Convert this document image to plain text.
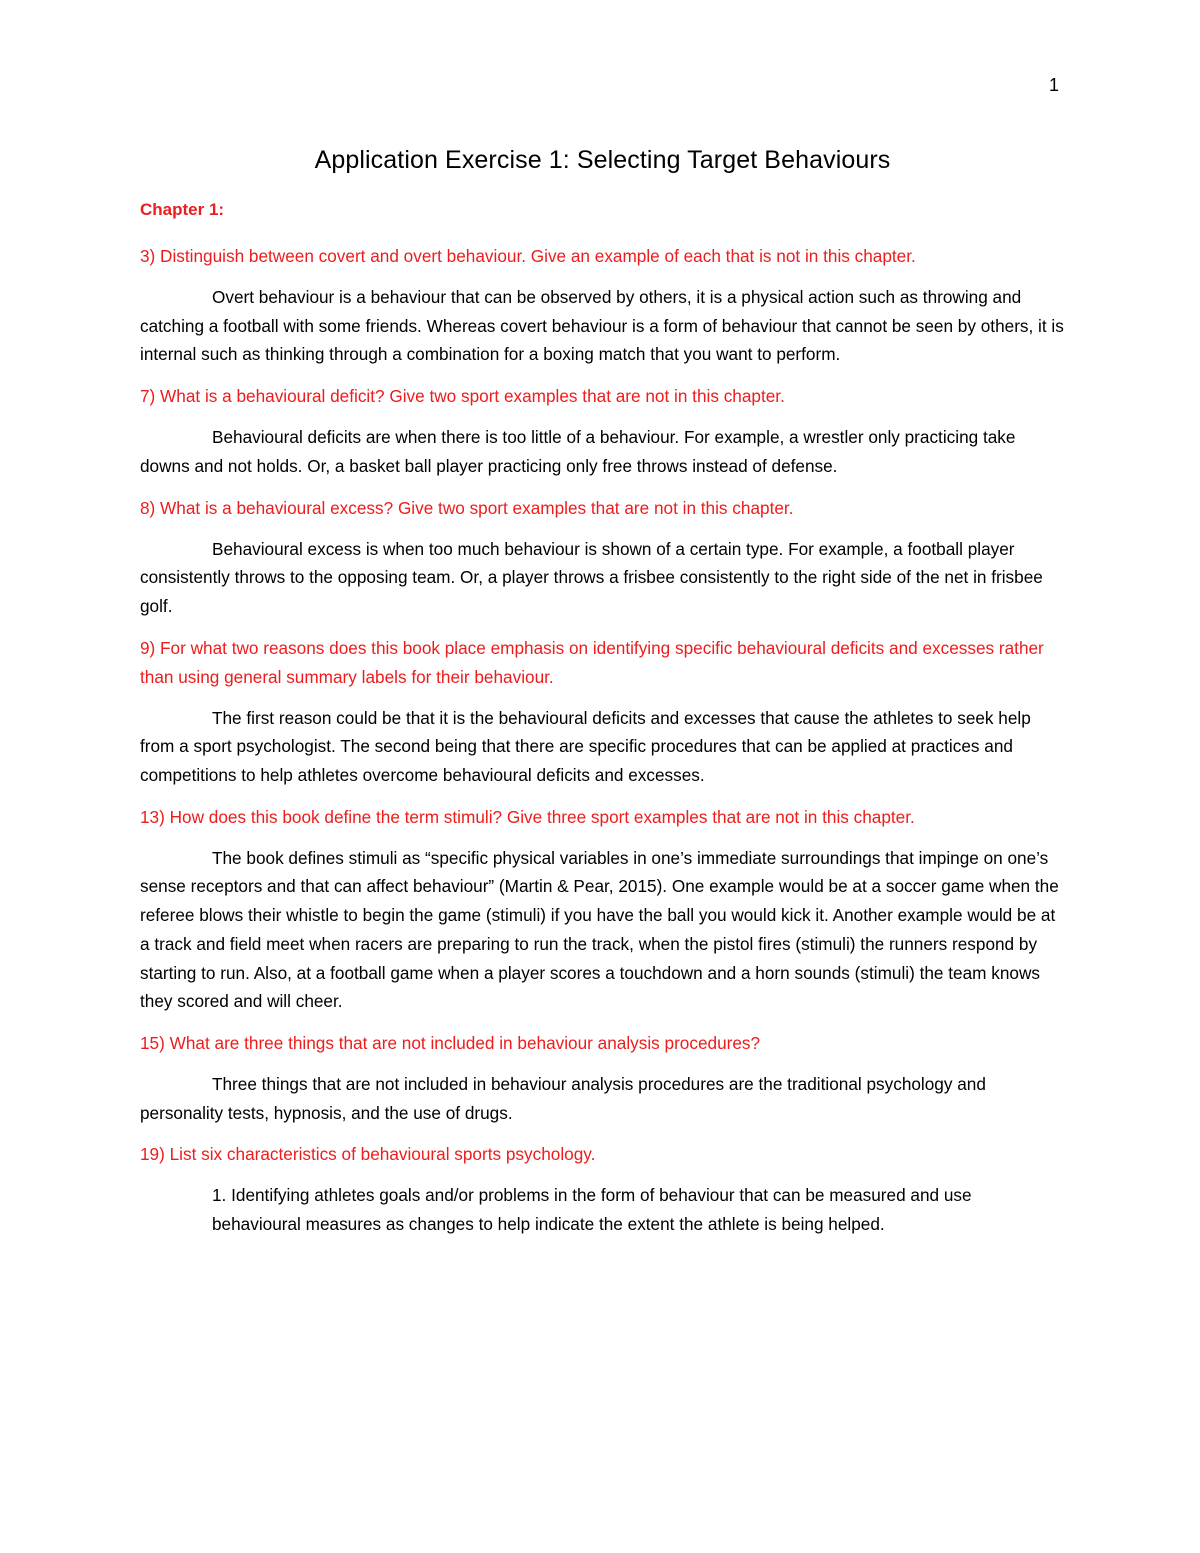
1
Application Exercise 1: Selecting Target Behaviours
Chapter 1:

3) Distinguish between covert and overt behaviour. Give an example of each that is not in this chapter.

Overt behaviour is a behaviour that can be observed by others, it is a physical action such as throwing and catching a football with some friends. Whereas covert behaviour is a form of behaviour that cannot be seen by others, it is internal such as thinking through a combination for a boxing match that you want to perform.

7) What is a behavioural deficit? Give two sport examples that are not in this chapter.

Behavioural deficits are when there is too little of a behaviour. For example, a wrestler only practicing take downs and not holds. Or, a basket ball player practicing only free throws instead of defense.

8) What is a behavioural excess? Give two sport examples that are not in this chapter.

Behavioural excess is when too much behaviour is shown of a certain type. For example, a football player consistently throws to the opposing team. Or, a player throws a frisbee consistently to the right side of the net in frisbee golf.

9) For what two reasons does this book place emphasis on identifying specific behavioural deficits and excesses rather than using general summary labels for their behaviour.

The first reason could be that it is the behavioural deficits and excesses that cause the athletes to seek help from a sport psychologist. The second being that there are specific procedures that can be applied at practices and competitions to help athletes overcome behavioural deficits and excesses.

13) How does this book define the term stimuli? Give three sport examples that are not in this chapter.

The book defines stimuli as “specific physical variables in one’s immediate surroundings that impinge on one’s sense receptors and that can affect behaviour” (Martin & Pear, 2015). One example would be at a soccer game when the referee blows their whistle to begin the game (stimuli) if you have the ball you would kick it. Another example would be at a track and field meet when racers are preparing to run the track, when the pistol fires (stimuli) the runners respond by starting to run. Also, at a football game when a player scores a touchdown and a horn sounds (stimuli) the team knows they scored and will cheer.

15) What are three things that are not included in behaviour analysis procedures?

Three things that are not included in behaviour analysis procedures are the traditional psychology and personality tests, hypnosis, and the use of drugs.

19) List six characteristics of behavioural sports psychology.

1. Identifying athletes goals and/or problems in the form of behaviour that can be measured and use behavioural measures as changes to help indicate the extent the athlete is being helped.
